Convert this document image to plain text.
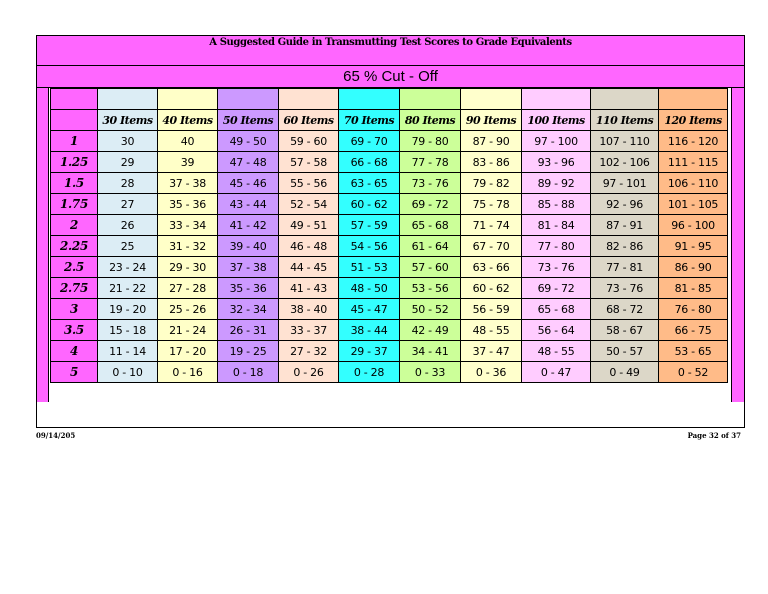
A Suggested Guide in Transmutting Test Scores to Grade Equivalents
65 % Cut - Off

	30 Items	40 Items	50 Items	60 Items	70 Items	80 Items	90 Items	100 Items	110 Items	120 Items
1	30	40	49 - 50	59 - 60	69 - 70	79 - 80	87 - 90	97 - 100	107 - 110	116 - 120
1.25	29	39	47 - 48	57 - 58	66 - 68	77 - 78	83 - 86	93 - 96	102 - 106	111 - 115
1.5	28	37 - 38	45 - 46	55 - 56	63 - 65	73 - 76	79 - 82	89 - 92	97 - 101	106 - 110
1.75	27	35 - 36	43 - 44	52 - 54	60 - 62	69 - 72	75 - 78	85 - 88	92 - 96	101 - 105
2	26	33 - 34	41 - 42	49 - 51	57 - 59	65 - 68	71 - 74	81 - 84	87 - 91	96 - 100
2.25	25	31 - 32	39 - 40	46 - 48	54 - 56	61 - 64	67 - 70	77 - 80	82 - 86	91 - 95
2.5	23 - 24	29 - 30	37 - 38	44 - 45	51 - 53	57 - 60	63 - 66	73 - 76	77 - 81	86 - 90
2.75	21 - 22	27 - 28	35 - 36	41 - 43	48 - 50	53 - 56	60 - 62	69 - 72	73 - 76	81 - 85
3	19 - 20	25 - 26	32 - 34	38 - 40	45 - 47	50 - 52	56 - 59	65 - 68	68 - 72	76 - 80
3.5	15 - 18	21 - 24	26 - 31	33 - 37	38 - 44	42 - 49	48 - 55	56 - 64	58 - 67	66 - 75
4	11 - 14	17 - 20	19 - 25	27 - 32	29 - 37	34 - 41	37 - 47	48 - 55	50 - 57	53 - 65
5	0 - 10	0 - 16	0 - 18	0 - 26	0 - 28	0 - 33	0 - 36	0 - 47	0 - 49	0 - 52
09/14/205	Page 32 of 37
